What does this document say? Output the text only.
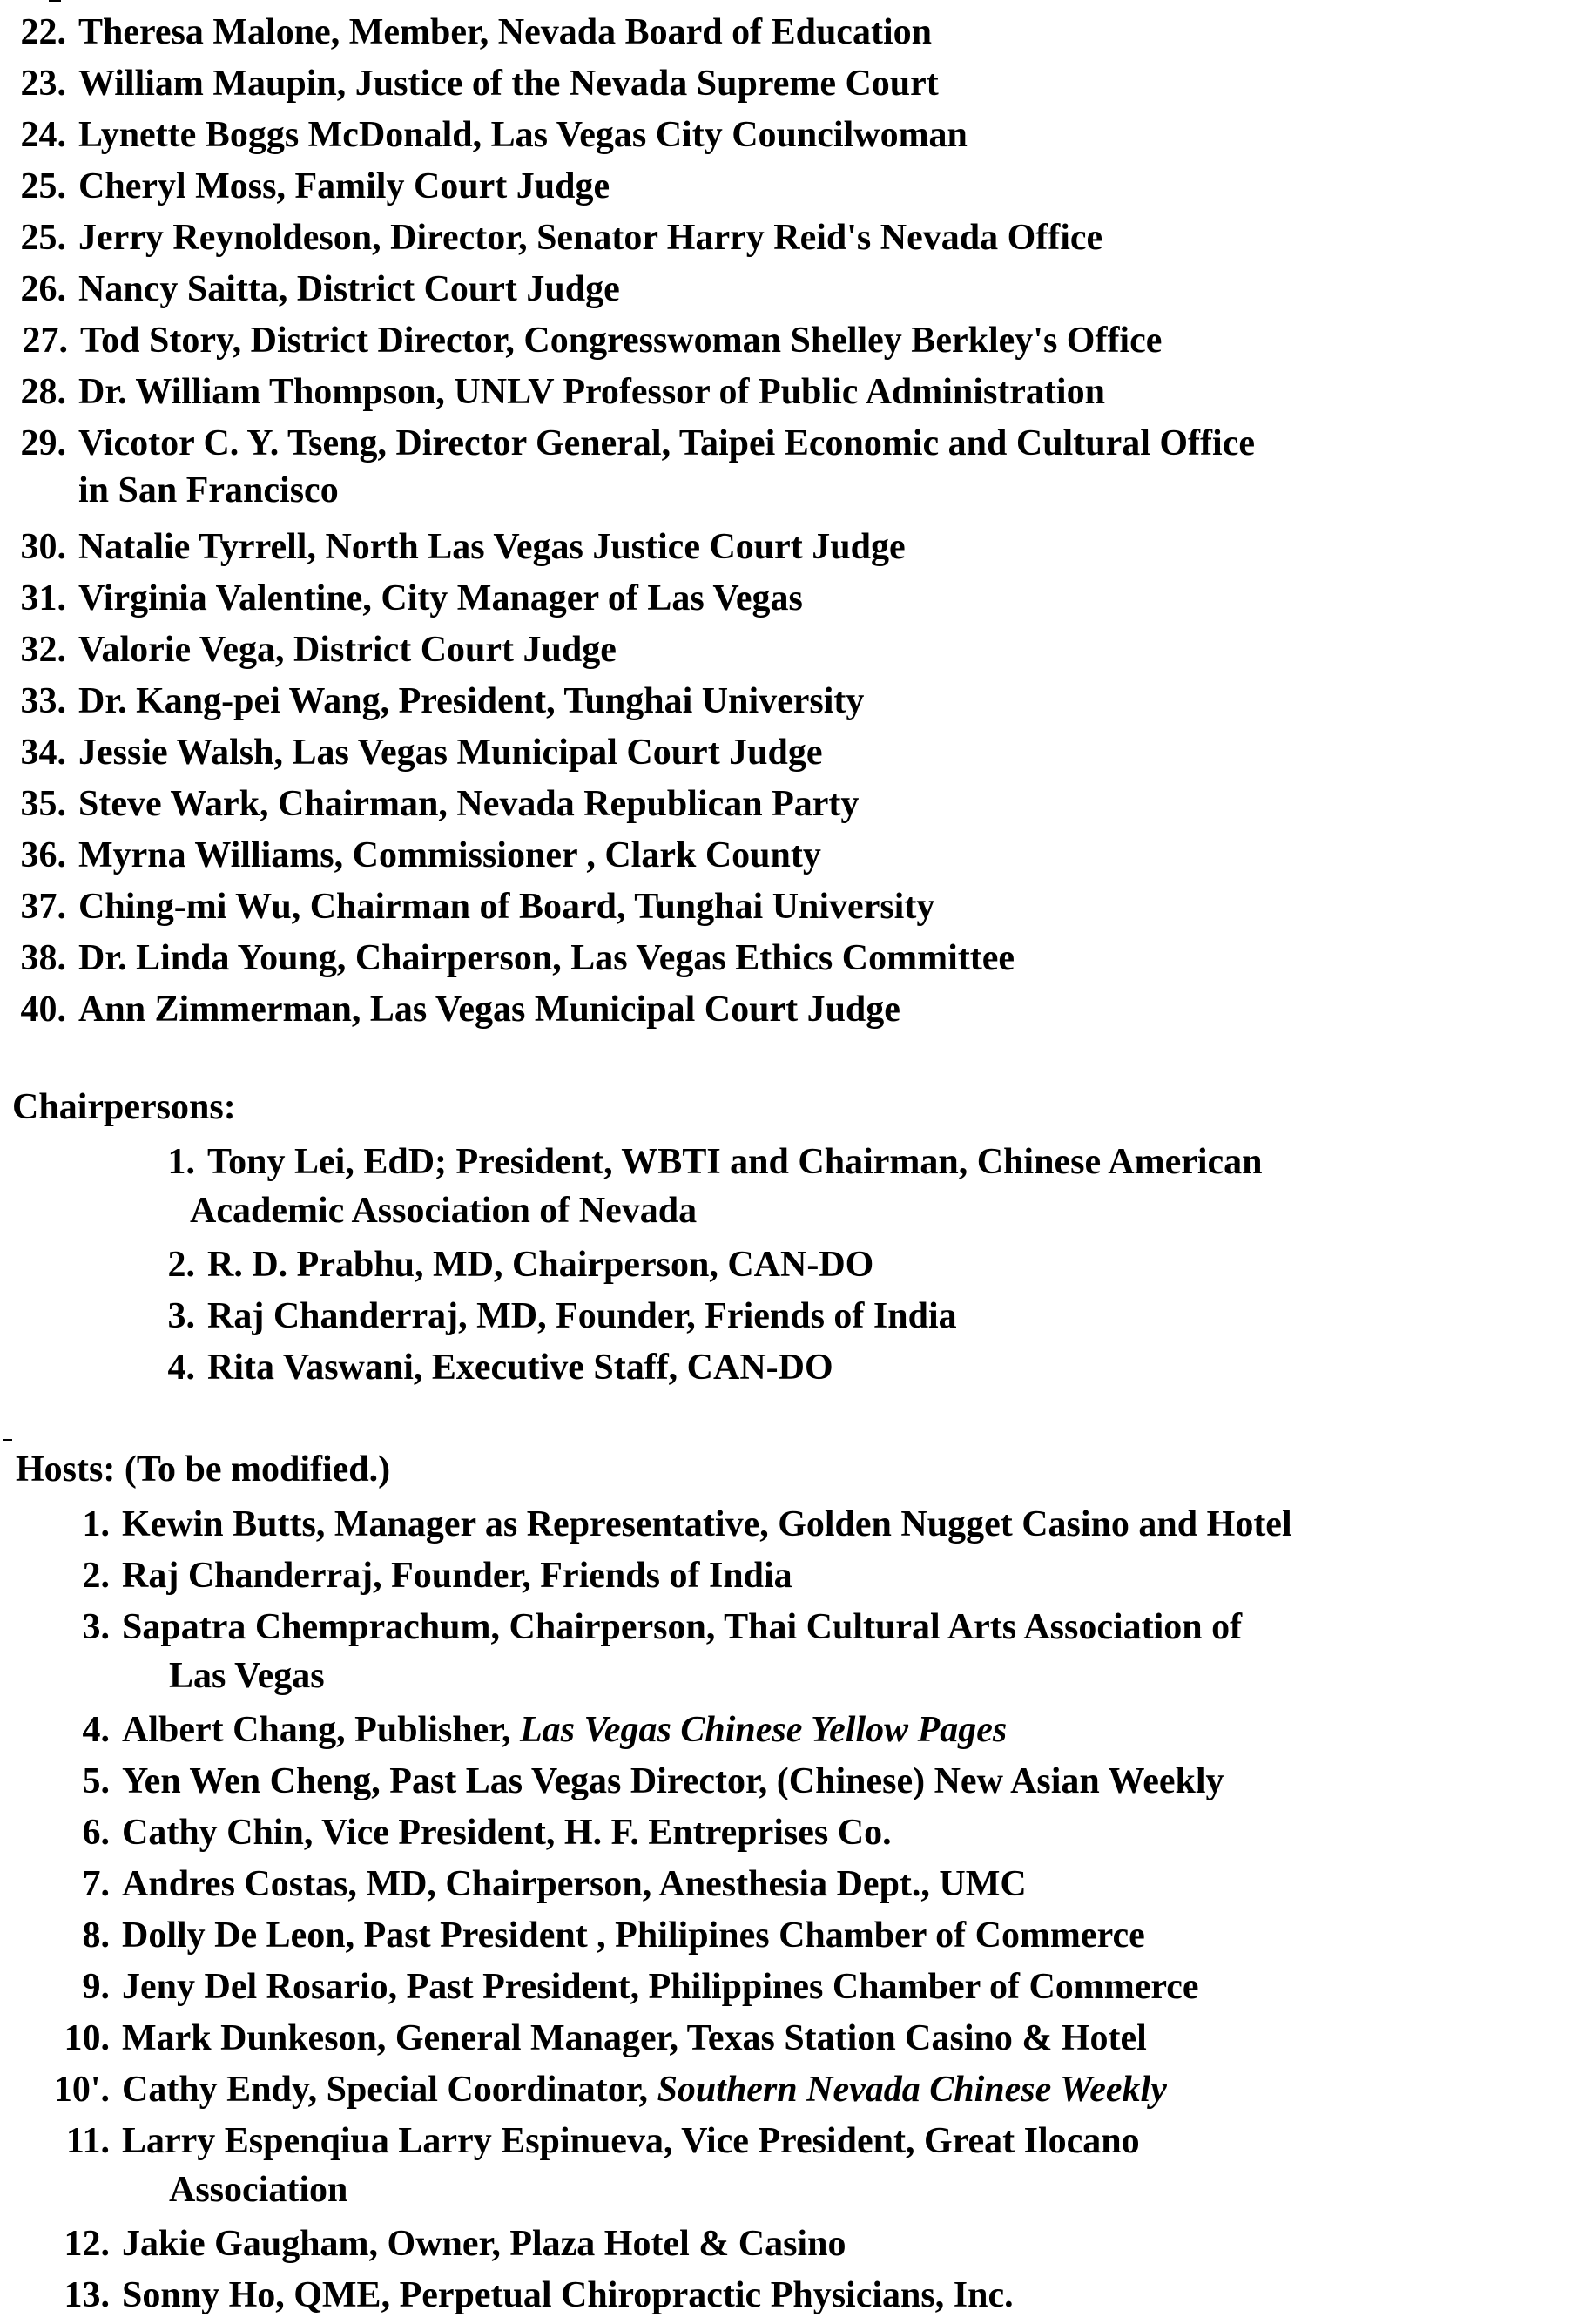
22. Theresa Malone, Member, Nevada Board of Education
23. William Maupin, Justice of the Nevada Supreme Court
24. Lynette Boggs McDonald, Las Vegas City Councilwoman
25. Cheryl Moss, Family Court Judge
25. Jerry Reynoldeson, Director, Senator Harry Reid's Nevada Office
26. Nancy Saitta, District Court Judge
27. Tod Story, District Director, Congresswoman Shelley Berkley's Office
28. Dr. William Thompson, UNLV Professor of Public Administration
29. Vicotor C. Y. Tseng, Director General, Taipei Economic and Cultural Office
in San Francisco
30. Natalie Tyrrell, North Las Vegas Justice Court Judge
31. Virginia Valentine, City Manager of Las Vegas
32. Valorie Vega, District Court Judge
33. Dr. Kang-pei Wang, President, Tunghai University
34. Jessie Walsh, Las Vegas Municipal Court Judge
35. Steve Wark, Chairman, Nevada Republican Party
36. Myrna Williams, Commissioner , Clark County
37. Ching-mi Wu, Chairman of Board, Tunghai University
38. Dr. Linda Young, Chairperson, Las Vegas Ethics Committee
40. Ann Zimmerman, Las Vegas Municipal Court Judge
Chairpersons:
1. Tony Lei, EdD; President, WBTI and Chairman, Chinese American
Academic Association of Nevada
2. R. D. Prabhu, MD, Chairperson, CAN-DO
3. Raj Chanderraj, MD, Founder, Friends of India
4. Rita Vaswani, Executive Staff, CAN-DO
Hosts: (To be modified.)
1. Kewin Butts, Manager as Representative, Golden Nugget Casino and Hotel
2. Raj Chanderraj, Founder, Friends of India
3. Sapatra Chemprachum, Chairperson, Thai Cultural Arts Association of
Las Vegas
4. Albert Chang, Publisher, Las Vegas Chinese Yellow Pages
5. Yen Wen Cheng, Past Las Vegas Director, (Chinese) New Asian Weekly
6. Cathy Chin, Vice President, H. F. Entreprises Co.
7. Andres Costas, MD, Chairperson, Anesthesia Dept., UMC
8. Dolly De Leon, Past President , Philipines Chamber of Commerce
9. Jeny Del Rosario, Past President, Philippines Chamber of Commerce
10. Mark Dunkeson, General Manager, Texas Station Casino & Hotel
10'. Cathy Endy, Special Coordinator, Southern Nevada Chinese Weekly
11. Larry Espenqiua Larry Espinueva, Vice President, Great Ilocano
Association
12. Jakie Gaugham, Owner, Plaza Hotel & Casino
13. Sonny Ho, QME, Perpetual Chiropractic Physicians, Inc.
